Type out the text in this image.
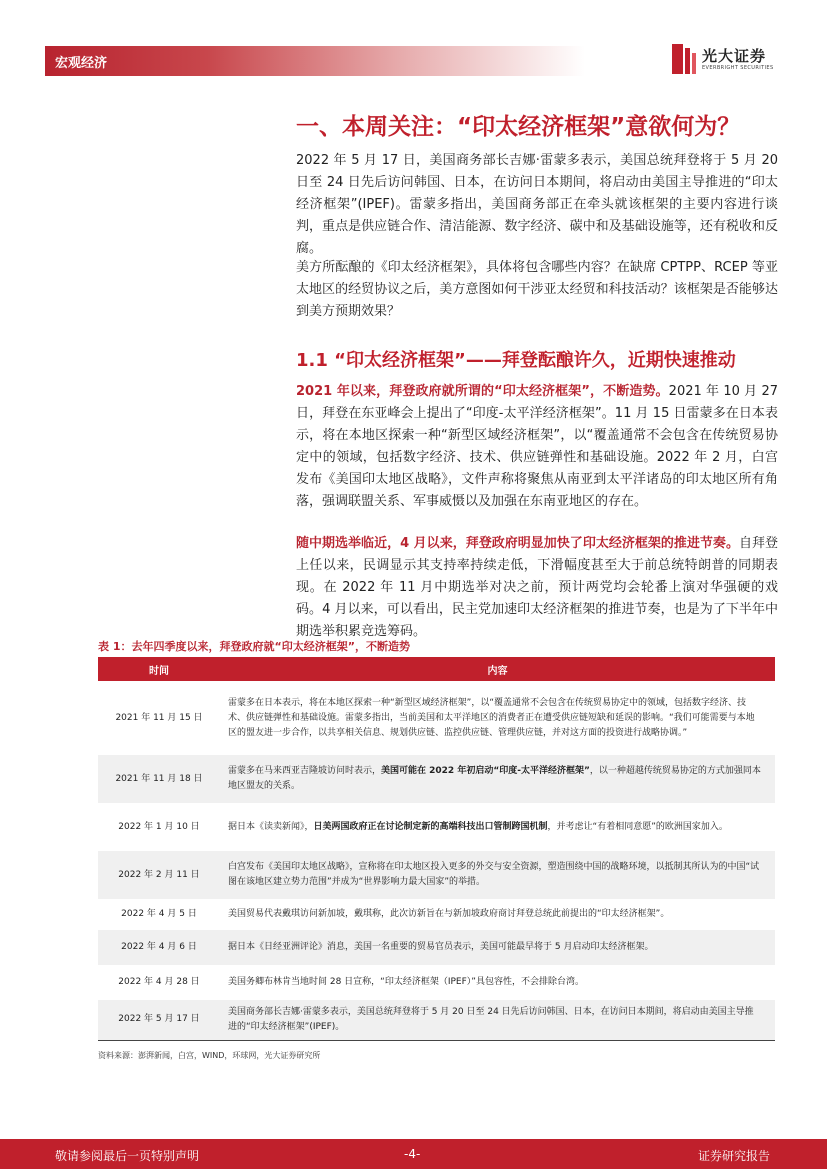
宏观经济	光大证券
EVERBRIGHT SECURITIES
一、本周关注：“印太经济框架”意欲何为？
2022 年 5 月 17 日，美国商务部长吉娜·雷蒙多表示，美国总统拜登将于 5 月 20 日至 24 日先后访问韩国、日本，在访问日本期间，将启动由美国主导推进的“印太经济框架”(IPEF)。雷蒙多指出，美国商务部正在牵头就该框架的主要内容进行谈判，重点是供应链合作、清洁能源、数字经济、碳中和及基础设施等，还有税收和反腐。
美方所酝酿的《印太经济框架》，具体将包含哪些内容？在缺席 CPTPP、RCEP 等亚太地区的经贸协议之后，美方意图如何干涉亚太经贸和科技活动？该框架是否能够达到美方预期效果？
1.1 “印太经济框架”——拜登酝酿许久，近期快速推动
2021 年以来，拜登政府就所谓的“印太经济框架”，不断造势。2021 年 10 月 27 日，拜登在东亚峰会上提出了“印度-太平洋经济框架”。11 月 15 日雷蒙多在日本表示，将在本地区探索一种“新型区域经济框架”，以“覆盖通常不会包含在传统贸易协定中的领域，包括数字经济、技术、供应链弹性和基础设施。2022 年 2 月，白宫发布《美国印太地区战略》，文件声称将聚焦从南亚到太平洋诸岛的印太地区所有角落，强调联盟关系、军事威慑以及加强在东南亚地区的存在。
随中期选举临近，4 月以来，拜登政府明显加快了印太经济框架的推进节奏。自拜登上任以来，民调显示其支持率持续走低，下滑幅度甚至大于前总统特朗普的同期表现。在 2022 年 11 月中期选举对决之前，预计两党均会轮番上演对华强硬的戏码。4 月以来，可以看出，民主党加速印太经济框架的推进节奏，也是为了下半年中期选举积累竞选筹码。
表 1：去年四季度以来，拜登政府就“印太经济框架”，不断造势
时间	内容
2021 年 11 月 15 日	雷蒙多在日本表示，将在本地区探索一种“新型区域经济框架”，以“覆盖通常不会包含在传统贸易协定中的领域，包括数字经济、技术、供应链弹性和基础设施。雷蒙多指出，当前美国和太平洋地区的消费者正在遭受供应链短缺和延误的影响。“我们可能需要与本地区的盟友进一步合作，以共享相关信息、规划供应链、监控供应链、管理供应链，并对这方面的投资进行战略协调。”
2021 年 11 月 18 日	雷蒙多在马来西亚吉隆坡访问时表示，美国可能在 2022 年初启动“印度-太平洋经济框架”，以一种超越传统贸易协定的方式加强同本地区盟友的关系。
2022 年 1 月 10 日	据日本《读卖新闻》，日美两国政府正在讨论制定新的高端科技出口管制跨国机制，并考虑让“有着相同意愿”的欧洲国家加入。
2022 年 2 月 11 日	白宫发布《美国印太地区战略》，宣称将在印太地区投入更多的外交与安全资源，塑造围绕中国的战略环境，以抵制其所认为的中国“试图在该地区建立势力范围”并成为“世界影响力最大国家”的举措。
2022 年 4 月 5 日	美国贸易代表戴琪访问新加坡，戴琪称，此次访新旨在与新加坡政府商讨拜登总统此前提出的“印太经济框架”。
2022 年 4 月 6 日	据日本《日经亚洲评论》消息，美国一名重要的贸易官员表示，美国可能最早将于 5 月启动印太经济框架。
2022 年 4 月 28 日	美国务卿布林肯当地时间 28 日宣称，“印太经济框架（IPEF）”具包容性，不会排除台湾。
2022 年 5 月 17 日	美国商务部长吉娜·雷蒙多表示，美国总统拜登将于 5 月 20 日至 24 日先后访问韩国、日本，在访问日本期间，将启动由美国主导推进的“印太经济框架”(IPEF)。
资料来源：澎湃新闻，白宫，WIND，环球网，光大证券研究所
敬请参阅最后一页特别声明	-4-	证券研究报告
